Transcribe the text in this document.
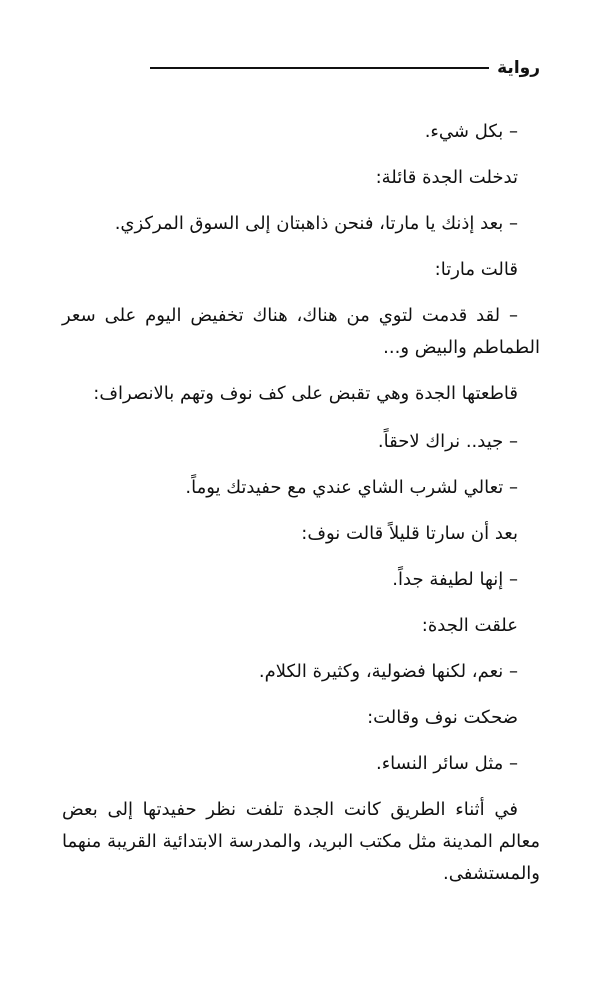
رواية

– بكل شيء.

تدخلت الجدة قائلة:

– بعد إذنك يا مارتا، فنحن ذاهبتان إلى السوق المركزي.

قالت مارتا:

– لقد قدمت لتوي من هناك، هناك تخفيض اليوم على سعر الطماطم والبيض و...

قاطعتها الجدة وهي تقبض على كف نوف وتهم بالانصراف:

– جيد.. نراك لاحقاً.

– تعالي لشرب الشاي عندي مع حفيدتك يوماً.

بعد أن سارتا قليلاً قالت نوف:

– إنها لطيفة جداً.

علقت الجدة:

– نعم، لكنها فضولية، وكثيرة الكلام.

ضحكت نوف وقالت:

– مثل سائر النساء.

في أثناء الطريق كانت الجدة تلفت نظر حفيدتها إلى بعض معالم المدينة مثل مكتب البريد، والمدرسة الابتدائية القريبة منهما والمستشفى.
